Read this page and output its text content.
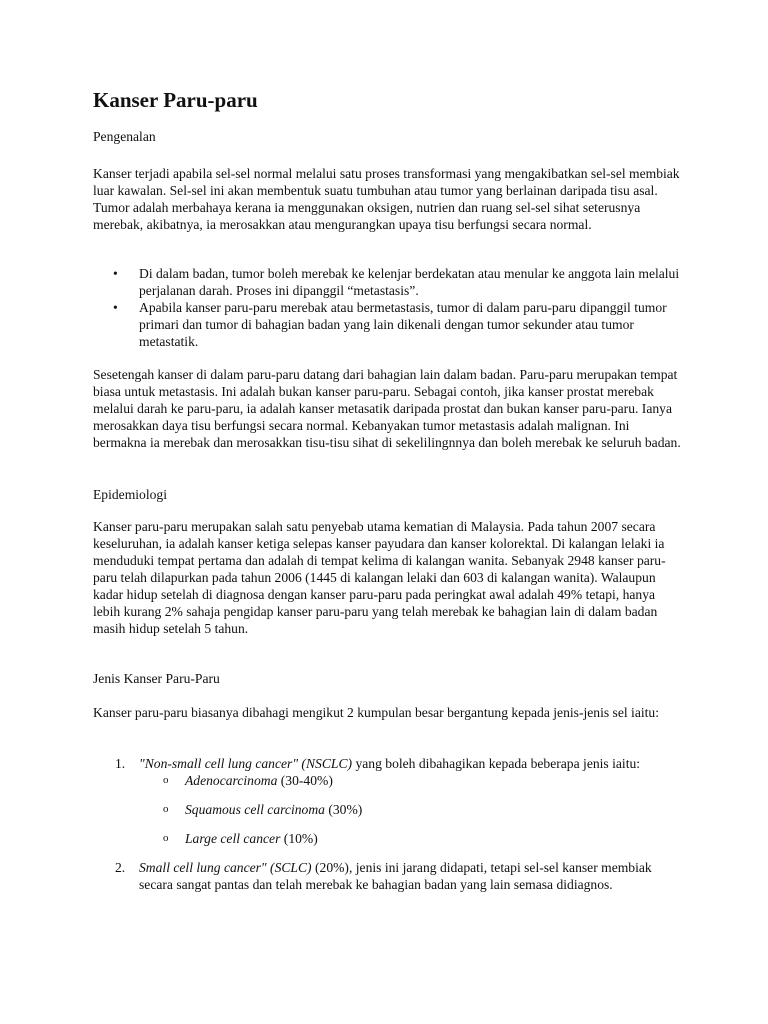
Kanser Paru-paru

Pengenalan

Kanser terjadi apabila sel-sel normal melalui satu proses transformasi yang mengakibatkan sel-sel membiak luar kawalan. Sel-sel ini akan membentuk suatu tumbuhan atau tumor yang berlainan daripada tisu asal. Tumor adalah merbahaya kerana ia menggunakan oksigen, nutrien dan ruang sel-sel sihat seterusnya merebak, akibatnya, ia merosakkan atau mengurangkan upaya tisu berfungsi secara normal.

• Di dalam badan, tumor boleh merebak ke kelenjar berdekatan atau menular ke anggota lain melalui perjalanan darah. Proses ini dipanggil “metastasis”.
• Apabila kanser paru-paru merebak atau bermetastasis, tumor di dalam paru-paru dipanggil tumor primari dan tumor di bahagian badan yang lain dikenali dengan tumor sekunder atau tumor metastatik.

Sesetengah kanser di dalam paru-paru datang dari bahagian lain dalam badan. Paru-paru merupakan tempat biasa untuk metastasis. Ini adalah bukan kanser paru-paru. Sebagai contoh, jika kanser prostat merebak melalui darah ke paru-paru, ia adalah kanser metasatik daripada prostat dan bukan kanser paru-paru. Ianya merosakkan daya tisu berfungsi secara normal. Kebanyakan tumor metastasis adalah malignan. Ini bermakna ia merebak dan merosakkan tisu-tisu sihat di sekelilingnnya dan boleh merebak ke seluruh badan.

Epidemiologi

Kanser paru-paru merupakan salah satu penyebab utama kematian di Malaysia. Pada tahun 2007 secara keseluruhan, ia adalah kanser ketiga selepas kanser payudara dan kanser kolorektal. Di kalangan lelaki ia menduduki tempat pertama dan adalah di tempat kelima di kalangan wanita. Sebanyak 2948 kanser paru-paru telah dilapurkan pada tahun 2006 (1445 di kalangan lelaki dan 603 di kalangan wanita). Walaupun kadar hidup setelah di diagnosa dengan kanser paru-paru pada peringkat awal adalah 49% tetapi, hanya lebih kurang 2% sahaja pengidap kanser paru-paru yang telah merebak ke bahagian lain di dalam badan masih hidup setelah 5 tahun.

Jenis Kanser Paru-Paru

Kanser paru-paru biasanya dibahagi mengikut 2 kumpulan besar bergantung kepada jenis-jenis sel iaitu:

1. "Non-small cell lung cancer" (NSCLC) yang boleh dibahagikan kepada beberapa jenis iaitu:
o Adenocarcinoma (30-40%)
o Squamous cell carcinoma (30%)
o Large cell cancer (10%)
2. Small cell lung cancer" (SCLC) (20%), jenis ini jarang didapati, tetapi sel-sel kanser membiak secara sangat pantas dan telah merebak ke bahagian badan yang lain semasa didiagnos.
